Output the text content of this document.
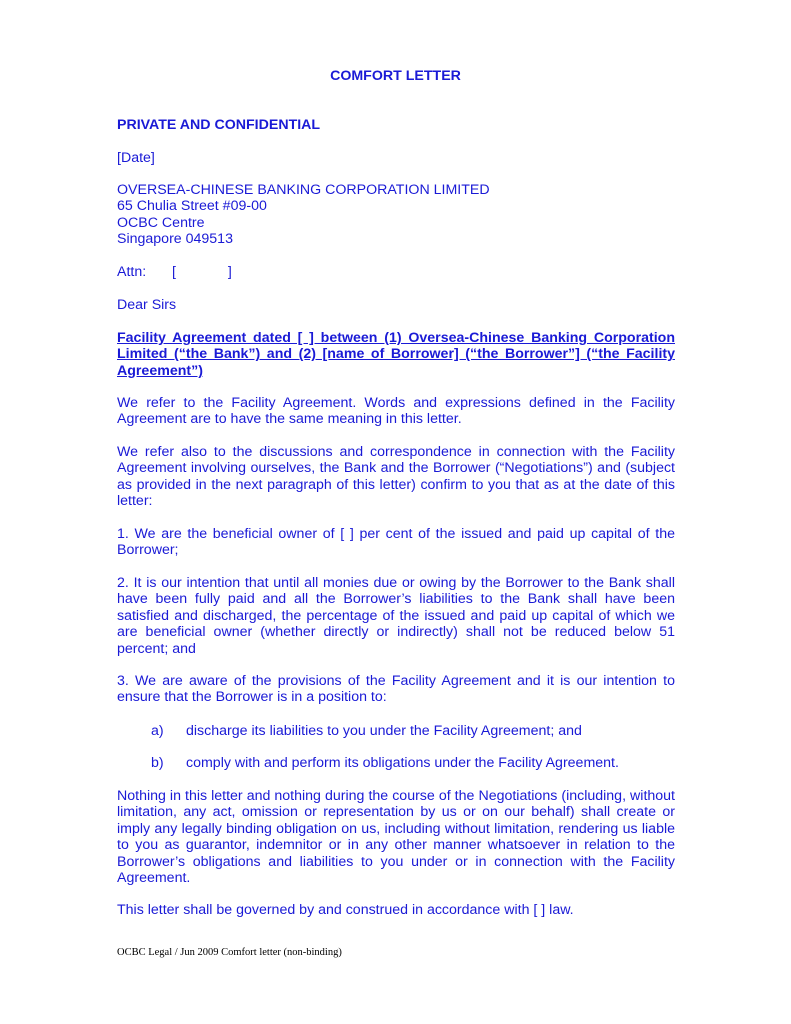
COMFORT LETTER

PRIVATE AND CONFIDENTIAL

[Date]

OVERSEA-CHINESE BANKING CORPORATION LIMITED
65 Chulia Street #09-00
OCBC Centre
Singapore 049513
Attn: [ ]

Dear Sirs

Facility Agreement dated [ ] between (1) Oversea-Chinese Banking Corporation Limited (“the Bank”) and (2) [name of Borrower] (“the Borrower”] (“the Facility Agreement”)

We refer to the Facility Agreement. Words and expressions defined in the Facility Agreement are to have the same meaning in this letter.

We refer also to the discussions and correspondence in connection with the Facility Agreement involving ourselves, the Bank and the Borrower (“Negotiations”) and (subject as provided in the next paragraph of this letter) confirm to you that as at the date of this letter:

1. We are the beneficial owner of [ ] per cent of the issued and paid up capital of the Borrower;

2. It is our intention that until all monies due or owing by the Borrower to the Bank shall have been fully paid and all the Borrower’s liabilities to the Bank shall have been satisfied and discharged, the percentage of the issued and paid up capital of which we are beneficial owner (whether directly or indirectly) shall not be reduced below 51 percent; and

3. We are aware of the provisions of the Facility Agreement and it is our intention to ensure that the Borrower is in a position to:

a) discharge its liabilities to you under the Facility Agreement; and
b) comply with and perform its obligations under the Facility Agreement.

Nothing in this letter and nothing during the course of the Negotiations (including, without limitation, any act, omission or representation by us or on our behalf) shall create or imply any legally binding obligation on us, including without limitation, rendering us liable to you as guarantor, indemnitor or in any other manner whatsoever in relation to the Borrower’s obligations and liabilities to you under or in connection with the Facility Agreement.

This letter shall be governed by and construed in accordance with [ ] law.

OCBC Legal / Jun 2009 Comfort letter (non-binding)
